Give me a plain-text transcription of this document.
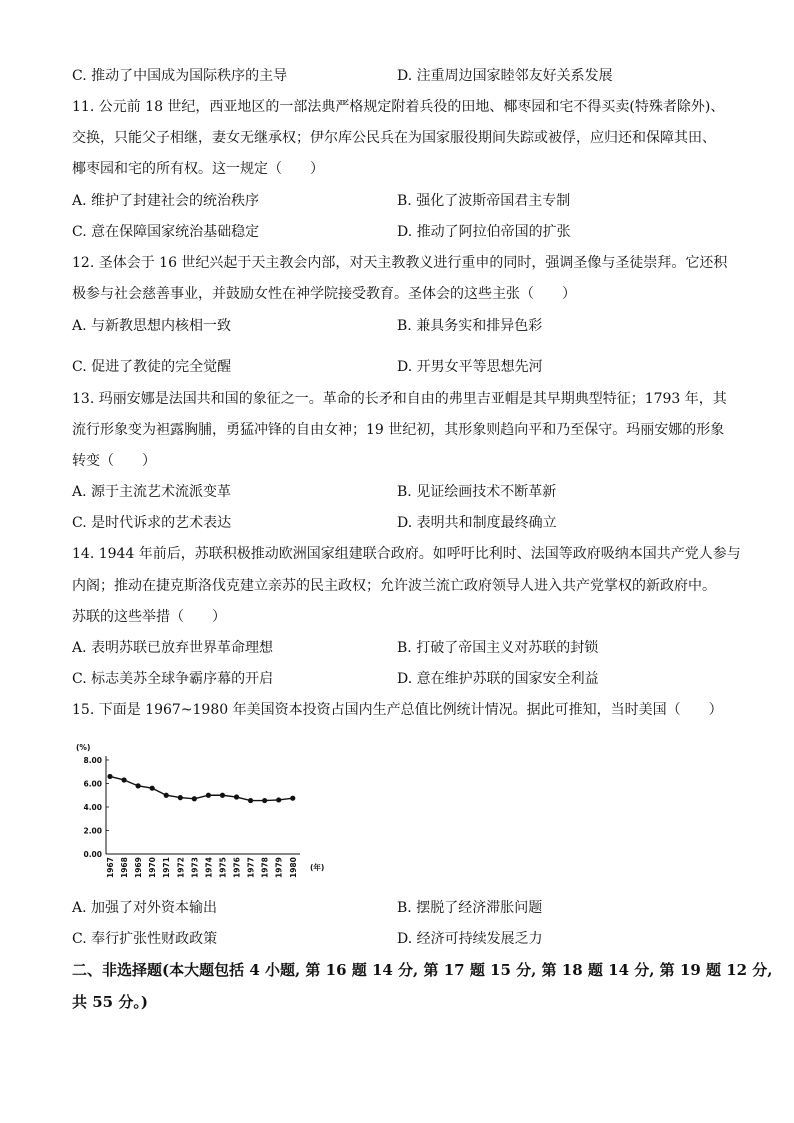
C. 推动了中国成为国际秩序的主导	D. 注重周边国家睦邻友好关系发展
11. 公元前 18 世纪，西亚地区的一部法典严格规定附着兵役的田地、椰枣园和宅不得买卖(特殊者除外)、
交换，只能父子相继，妻女无继承权；伊尔库公民兵在为国家服役期间失踪或被俘，应归还和保障其田、
椰枣园和宅的所有权。这一规定（　　）
A. 维护了封建社会的统治秩序	B. 强化了波斯帝国君主专制
C. 意在保障国家统治基础稳定	D. 推动了阿拉伯帝国的扩张
12. 圣体会于 16 世纪兴起于天主教会内部，对天主教教义进行重申的同时，强调圣像与圣徒崇拜。它还积
极参与社会慈善事业，并鼓励女性在神学院接受教育。圣体会的这些主张（　　）
A. 与新教思想内核相一致	B. 兼具务实和排异色彩
C. 促进了教徒的完全觉醒	D. 开男女平等思想先河
13. 玛丽安娜是法国共和国的象征之一。革命的长矛和自由的弗里吉亚帽是其早期典型特征；1793 年，其
流行形象变为袒露胸脯，勇猛冲锋的自由女神；19 世纪初，其形象则趋向平和乃至保守。玛丽安娜的形象
转变（　　）
A. 源于主流艺术流派变革	B. 见证绘画技术不断革新
C. 是时代诉求的艺术表达	D. 表明共和制度最终确立
14. 1944 年前后，苏联积极推动欧洲国家组建联合政府。如呼吁比利时、法国等政府吸纳本国共产党人参与
内阁；推动在捷克斯洛伐克建立亲苏的民主政权；允许波兰流亡政府领导人进入共产党掌权的新政府中。
苏联的这些举措（　　）
A. 表明苏联已放弃世界革命理想	B. 打破了帝国主义对苏联的封锁
C. 标志美苏全球争霸序幕的开启	D. 意在维护苏联的国家安全利益
15. 下面是 1967~1980 年美国资本投资占国内生产总值比例统计情况。据此可推知，当时美国（　　）
(%)
0.00
2.00
4.00
6.00
8.00
1967 1968 1969 1970 1971 1972 1973 1974 1975 1976 1977 1978 1979 1980 (年)
A. 加强了对外资本输出	B. 摆脱了经济滞胀问题
C. 奉行扩张性财政政策	D. 经济可持续发展乏力
二、非选择题(本大题包括 4 小题, 第 16 题 14 分, 第 17 题 15 分, 第 18 题 14 分, 第 19 题 12 分,
共 55 分。)
